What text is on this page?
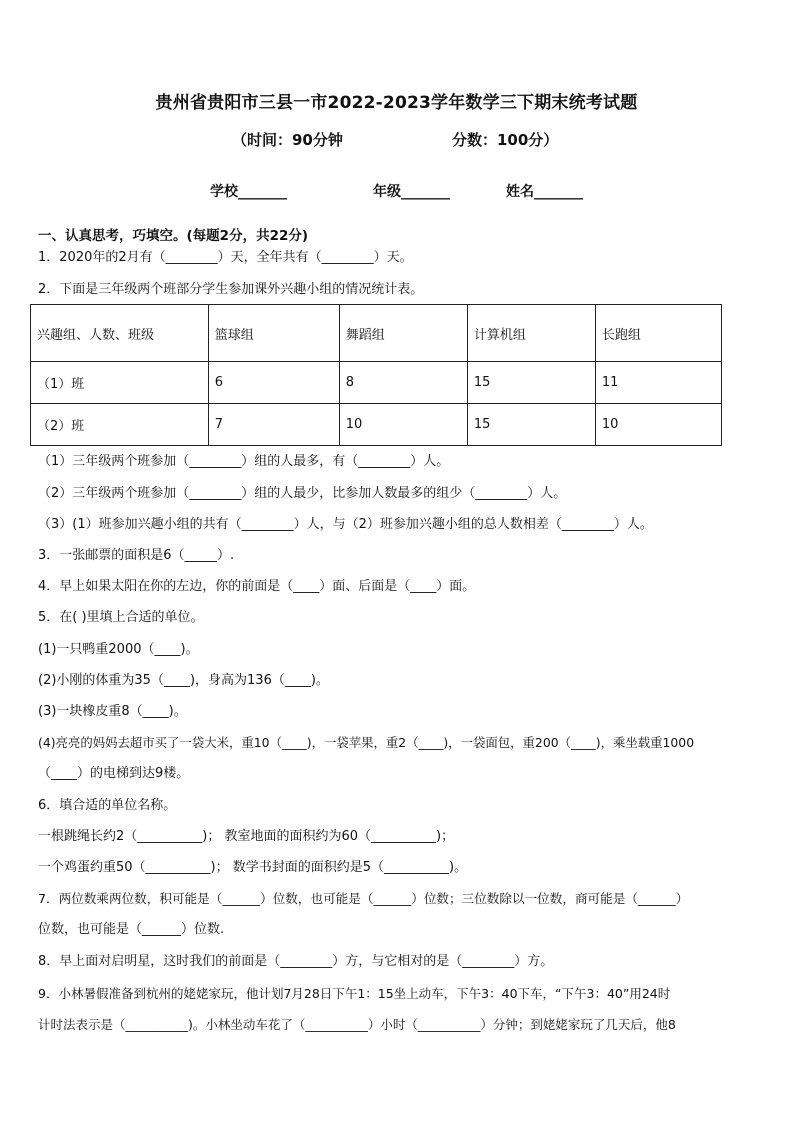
贵州省贵阳市三县一市2022-2023学年数学三下期末统考试题
（时间：90分钟	分数：100分）
学校_______	年级_______	姓名_______
一、认真思考，巧填空。(每题2分，共22分)
1．2020年的2月有（________）天，全年共有（________）天。
2．下面是三年级两个班部分学生参加课外兴趣小组的情况统计表。
兴趣组、人数、班级	篮球组	舞蹈组	计算机组	长跑组
（1）班	6	8	15	11
（2）班	7	10	15	10
（1）三年级两个班参加（________）组的人最多，有（________）人。
（2）三年级两个班参加（________）组的人最少，比参加人数最多的组少（________）人。
（3）(1）班参加兴趣小组的共有（________）人，与（2）班参加兴趣小组的总人数相差（________）人。
3．一张邮票的面积是6（_____）.
4．早上如果太阳在你的左边，你的前面是（____）面、后面是（____）面。
5．在( )里填上合适的单位。
(1)一只鸭重2000（____)。
(2)小刚的体重为35（____)，身高为136（____)。
(3)一块橡皮重8（____)。
(4)亮亮的妈妈去超市买了一袋大米，重10（____)，一袋苹果，重2（____)，一袋面包，重200（____)，乘坐载重1000
（____）的电梯到达9楼。
6．填合适的单位名称。
一根跳绳长约2（__________)； 教室地面的面积约为60（__________)；
一个鸡蛋约重50（__________)； 数学书封面的面积约是5（__________)。
7．两位数乘两位数，积可能是（______）位数，也可能是（______）位数；三位数除以一位数，商可能是（______）
位数，也可能是（______）位数.
8．早上面对启明星，这时我们的前面是（________）方，与它相对的是（________）方。
9．小林暑假准备到杭州的姥姥家玩，他计划7月28日下午1：15坐上动车，下午3：40下车，“下午3：40”用24时
计时法表示是（__________)。小林坐动车花了（__________）小时（__________）分钟；到姥姥家玩了几天后，他8
